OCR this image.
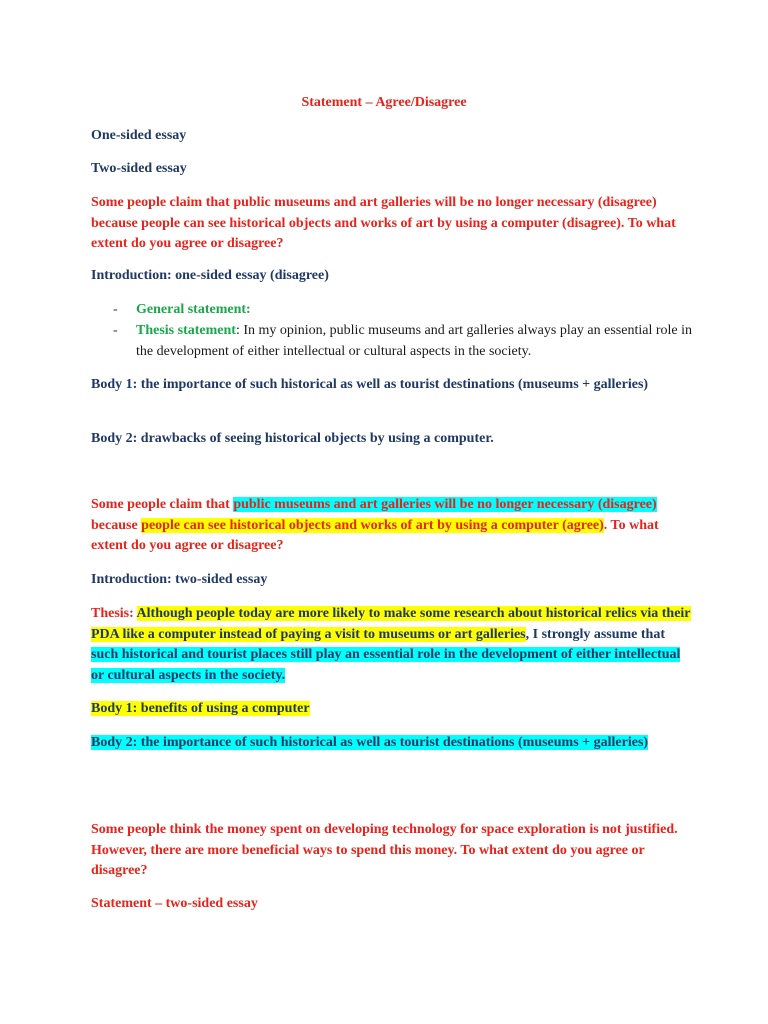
Statement – Agree/Disagree

One-sided essay

Two-sided essay

Some people claim that public museums and art galleries will be no longer necessary (disagree) because people can see historical objects and works of art by using a computer (disagree). To what extent do you agree or disagree?

Introduction: one-sided essay (disagree)

-	General statement:
-	Thesis statement: In my opinion, public museums and art galleries always play an essential role in the development of either intellectual or cultural aspects in the society.

Body 1: the importance of such historical as well as tourist destinations (museums + galleries)

Body 2: drawbacks of seeing historical objects by using a computer.

Some people claim that public museums and art galleries will be no longer necessary (disagree) because people can see historical objects and works of art by using a computer (agree). To what extent do you agree or disagree?

Introduction: two-sided essay

Thesis: Although people today are more likely to make some research about historical relics via their PDA like a computer instead of paying a visit to museums or art galleries, I strongly assume that such historical and tourist places still play an essential role in the development of either intellectual or cultural aspects in the society.

Body 1: benefits of using a computer

Body 2: the importance of such historical as well as tourist destinations (museums + galleries)

Some people think the money spent on developing technology for space exploration is not justified. However, there are more beneficial ways to spend this money. To what extent do you agree or disagree?

Statement – two-sided essay
